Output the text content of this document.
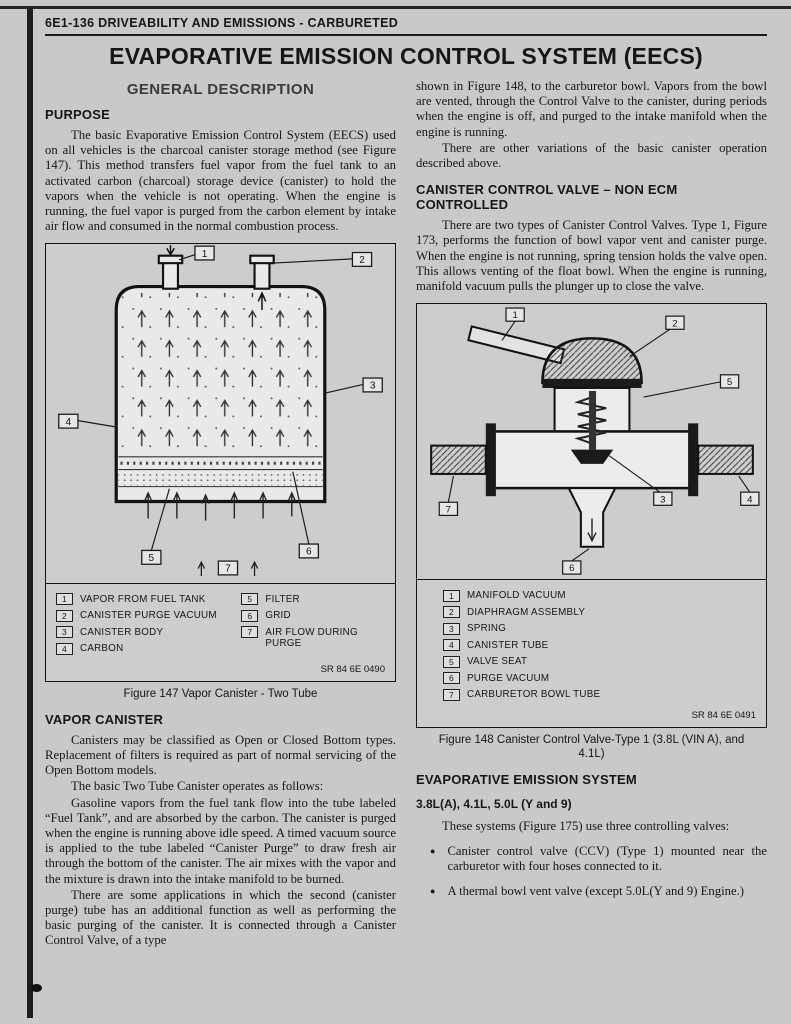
6E1-136 DRIVEABILITY AND EMISSIONS - CARBURETED
EVAPORATIVE EMISSION CONTROL SYSTEM (EECS)
GENERAL DESCRIPTION
PURPOSE

The basic Evaporative Emission Control System (EECS) used on all vehicles is the charcoal canister storage method (see Figure 147). This method transfers fuel vapor from the fuel tank to an activated carbon (charcoal) storage device (canister) to hold the vapors when the vehicle is not operating. When the engine is running, the fuel vapor is purged from the carbon element by intake air flow and consumed in the normal combustion process.

1
2
3
4
5
6
7
1	VAPOR FROM FUEL TANK
2	CANISTER PURGE VACUUM
3	CANISTER BODY
4	CARBON
5	FILTER
6	GRID
7	AIR FLOW DURING PURGE
SR 84 6E 0490
Figure 147 Vapor Canister - Two Tube
VAPOR CANISTER

Canisters may be classified as Open or Closed Bottom types. Replacement of filters is required as part of normal servicing of the Open Bottom models.

The basic Two Tube Canister operates as follows:

Gasoline vapors from the fuel tank flow into the tube labeled “Fuel Tank”, and are absorbed by the carbon. The canister is purged when the engine is running above idle speed. A timed vacuum source is applied to the tube labeled “Canister Purge” to draw fresh air through the bottom of the canister. The air mixes with the vapor and the mixture is drawn into the intake manifold to be burned.

There are some applications in which the second (canister purge) tube has an additional function as well as performing the basic purging of the canister. It is connected through a Canister Control Valve, of a type

shown in Figure 148, to the carburetor bowl. Vapors from the bowl are vented, through the Control Valve to the canister, during periods when the engine is off, and purged to the intake manifold when the engine is running.

There are other variations of the basic canister operation described above.

CANISTER CONTROL VALVE – NON ECM CONTROLLED

There are two types of Canister Control Valves. Type 1, Figure 173, performs the function of bowl vapor vent and canister purge. When the engine is not running, spring tension holds the valve open. This allows venting of the float bowl. When the engine is running, manifold vacuum pulls the plunger up to close the valve.

1
2
5
4
7
3
6
1	MANIFOLD VACUUM
2	DIAPHRAGM ASSEMBLY
3	SPRING
4	CANISTER TUBE
5	VALVE SEAT
6	PURGE VACUUM
7	CARBURETOR BOWL TUBE
SR 84 6E 0491
Figure 148 Canister Control Valve-Type 1 (3.8L (VIN A), and 4.1L)
EVAPORATIVE EMISSION SYSTEM
3.8L(A), 4.1L, 5.0L (Y and 9)

These systems (Figure 175) use three controlling valves:

● Canister control valve (CCV) (Type 1) mounted near the carburetor with four hoses connected to it.
● A thermal bowl vent valve (except 5.0L(Y and 9) Engine.)
